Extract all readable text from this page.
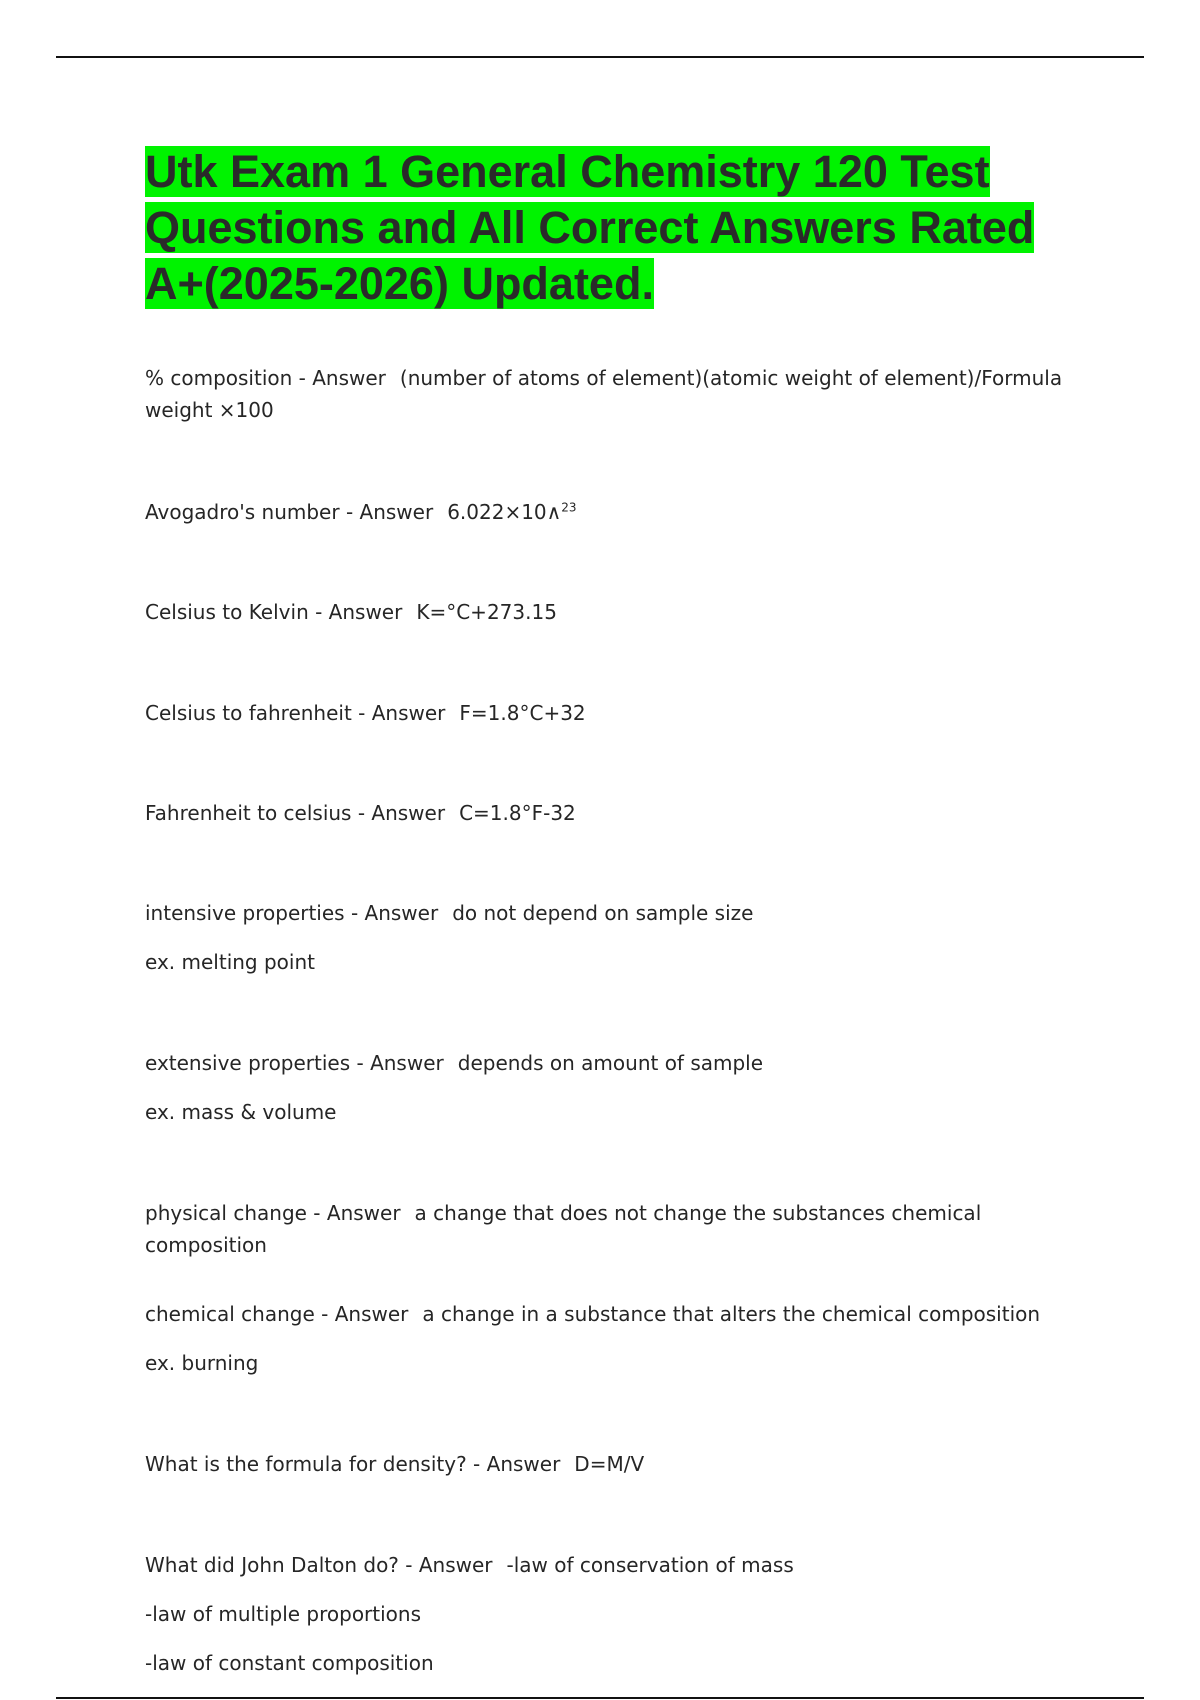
Utk Exam 1 General Chemistry 120 Test Questions and All Correct Answers Rated A+(2025-2026) Updated.
% composition - Answer (number of atoms of element)(atomic weight of element)/Formula weight ×100
Avogadro's number - Answer 6.022×10∧$^{23}$
Celsius to Kelvin - Answer K=°C+273.15
Celsius to fahrenheit - Answer F=1.8°C+32
Fahrenheit to celsius - Answer C=1.8°F-32
intensive properties - Answer do not depend on sample size
ex. melting point
extensive properties - Answer depends on amount of sample
ex. mass & volume
physical change - Answer a change that does not change the substances chemical composition
chemical change - Answer a change in a substance that alters the chemical composition
ex. burning
What is the formula for density? - Answer D=M/V
What did John Dalton do? - Answer -law of conservation of mass
-law of multiple proportions
-law of constant composition
